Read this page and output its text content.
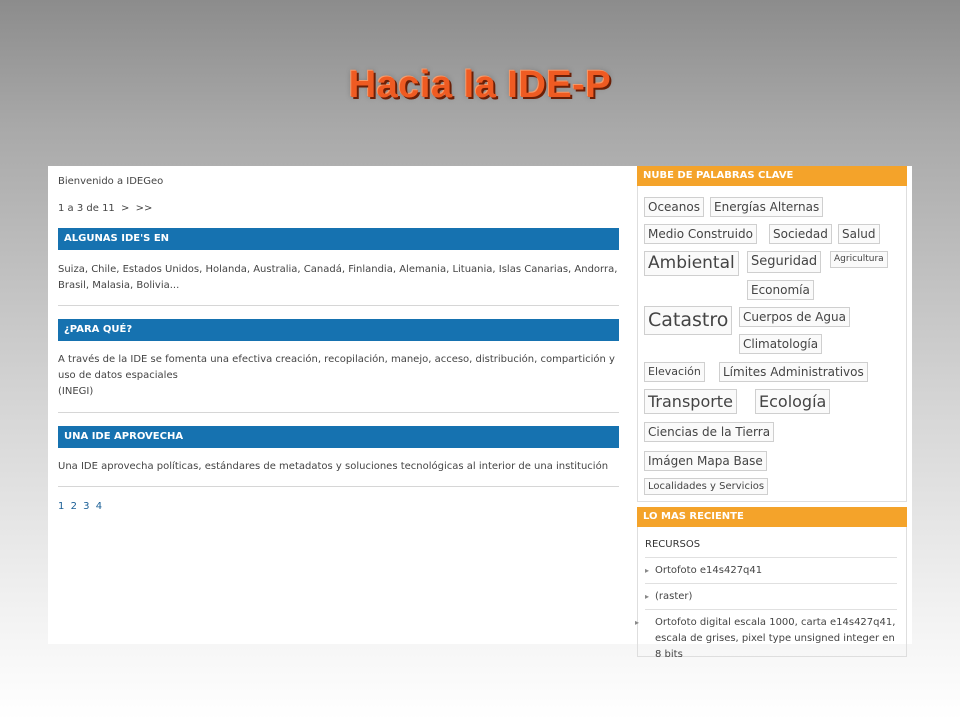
Hacia la IDE-P
Bienvenido a IDEGeo
1 a 3 de 11 > >>
ALGUNAS IDE'S EN
Suiza, Chile, Estados Unidos, Holanda, Australia, Canadá, Finlandia, Alemania, Lituania, Islas Canarias, Andorra, Brasil, Malasia, Bolivia...
¿PARA QUÉ?
A través de la IDE se fomenta una efectiva creación, recopilación, manejo, acceso, distribución, compartición y uso de datos espaciales
(INEGI)
UNA IDE APROVECHA
Una IDE aprovecha políticas, estándares de metadatos y soluciones tecnológicas al interior de una institución
1 2 3 4
NUBE DE PALABRAS CLAVE
Oceanos	Energías Alternas
Medio Construido	Sociedad	Salud
Ambiental	Seguridad	Agricultura
Economía
Catastro	Cuerpos de Agua
Climatología
Elevación	Límites Administrativos
Transporte Ecología
Ciencias de la Tierra
Imágen Mapa Base
Localidades y Servicios
LO MAS RECIENTE
RECURSOS
▸ Ortofoto e14s427q41
▸ (raster)
▸ Ortofoto digital escala 1000, carta e14s427q41, escala de grises, pixel type unsigned integer en 8 bits
